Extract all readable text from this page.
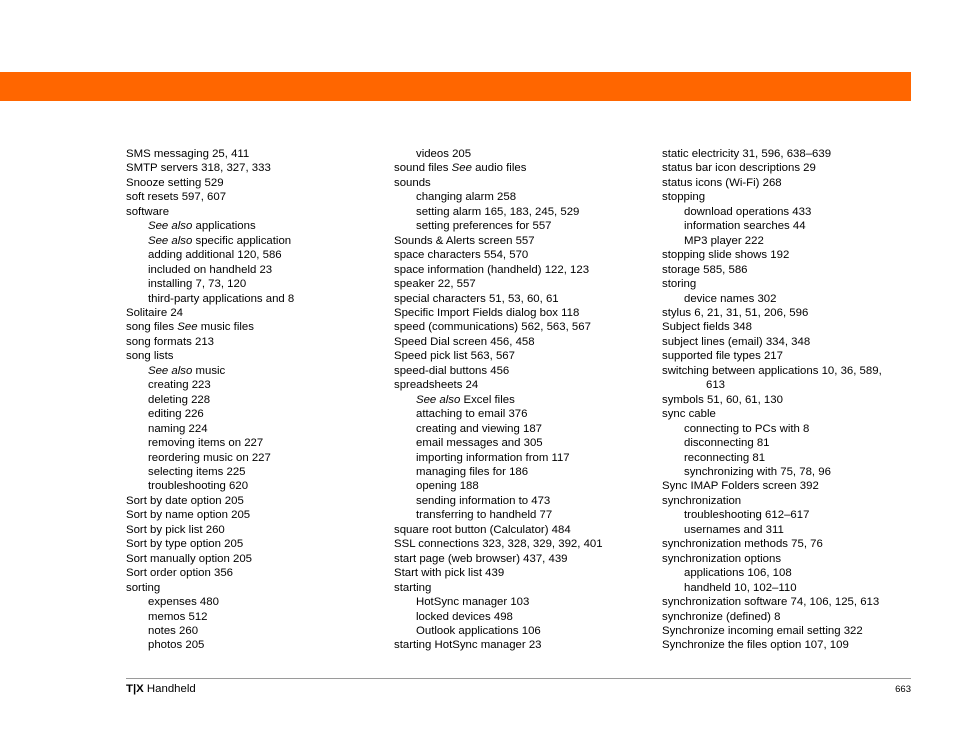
SMS messaging 25, 411
SMTP servers 318, 327, 333
Snooze setting 529
soft resets 597, 607
software
See also applications
See also specific application
adding additional 120, 586
included on handheld 23
installing 7, 73, 120
third-party applications and 8
Solitaire 24
song files See music files
song formats 213
song lists
See also music
creating 223
deleting 228
editing 226
naming 224
removing items on 227
reordering music on 227
selecting items 225
troubleshooting 620
Sort by date option 205
Sort by name option 205
Sort by pick list 260
Sort by type option 205
Sort manually option 205
Sort order option 356
sorting
expenses 480
memos 512
notes 260
photos 205
videos 205
sound files See audio files
sounds
changing alarm 258
setting alarm 165, 183, 245, 529
setting preferences for 557
Sounds & Alerts screen 557
space characters 554, 570
space information (handheld) 122, 123
speaker 22, 557
special characters 51, 53, 60, 61
Specific Import Fields dialog box 118
speed (communications) 562, 563, 567
Speed Dial screen 456, 458
Speed pick list 563, 567
speed-dial buttons 456
spreadsheets 24
See also Excel files
attaching to email 376
creating and viewing 187
email messages and 305
importing information from 117
managing files for 186
opening 188
sending information to 473
transferring to handheld 77
square root button (Calculator) 484
SSL connections 323, 328, 329, 392, 401
start page (web browser) 437, 439
Start with pick list 439
starting
HotSync manager 103
locked devices 498
Outlook applications 106
starting HotSync manager 23
static electricity 31, 596, 638–639
status bar icon descriptions 29
status icons (Wi-Fi) 268
stopping
download operations 433
information searches 44
MP3 player 222
stopping slide shows 192
storage 585, 586
storing
device names 302
stylus 6, 21, 31, 51, 206, 596
Subject fields 348
subject lines (email) 334, 348
supported file types 217
switching between applications 10, 36, 589,
613
symbols 51, 60, 61, 130
sync cable
connecting to PCs with 8
disconnecting 81
reconnecting 81
synchronizing with 75, 78, 96
Sync IMAP Folders screen 392
synchronization
troubleshooting 612–617
usernames and 311
synchronization methods 75, 76
synchronization options
applications 106, 108
handheld 10, 102–110
synchronization software 74, 106, 125, 613
synchronize (defined) 8
Synchronize incoming email setting 322
Synchronize the files option 107, 109
T|X Handheld	663
